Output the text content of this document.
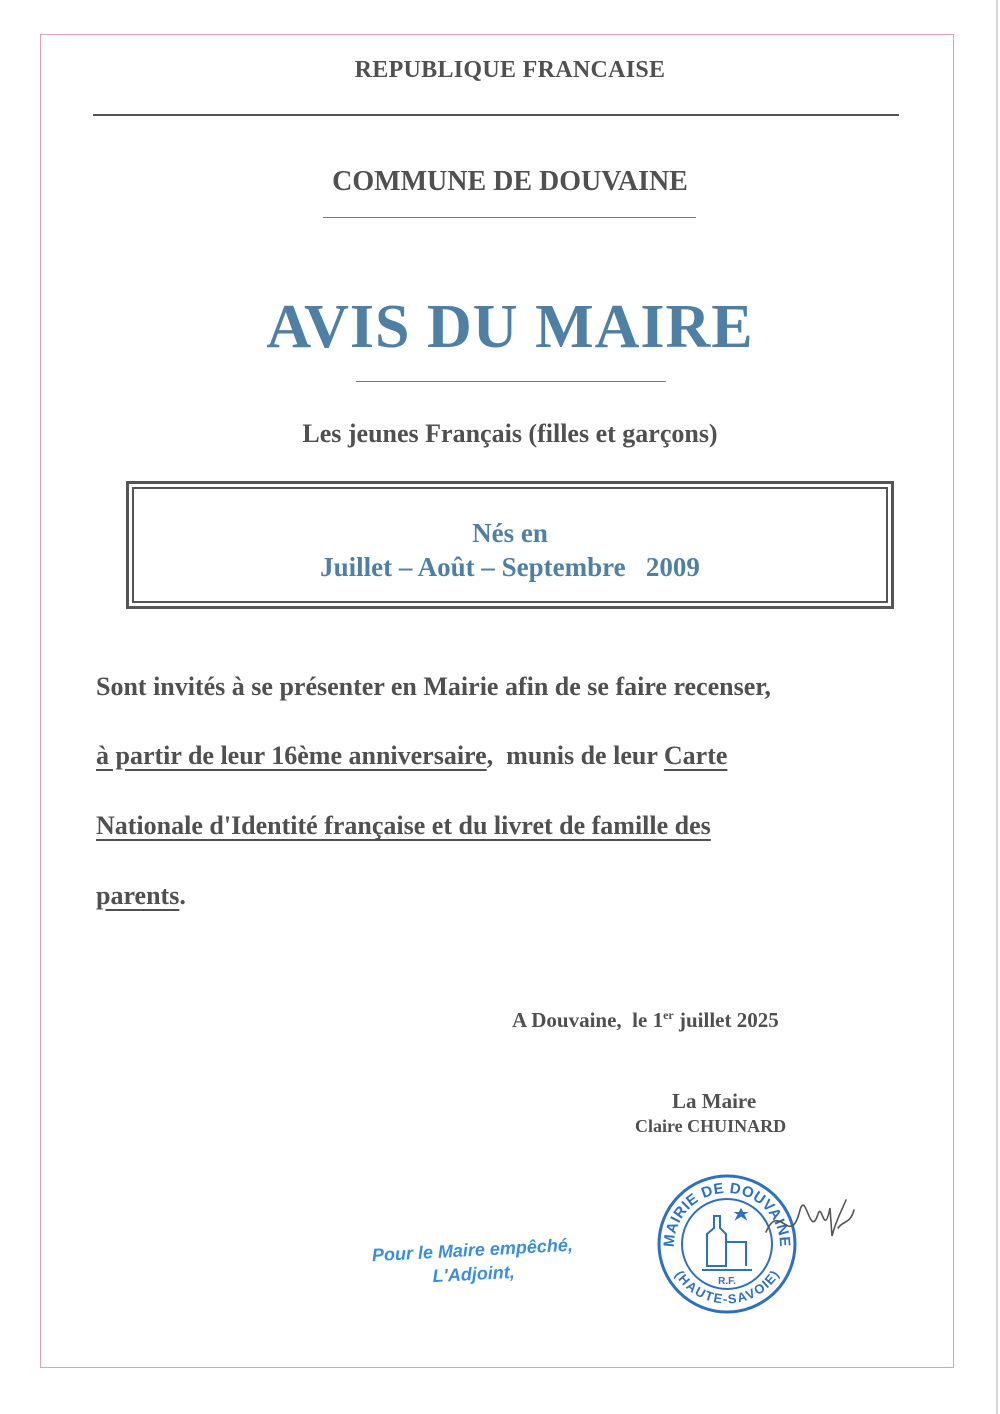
REPUBLIQUE FRANCAISE
COMMUNE DE DOUVAINE
AVIS DU MAIRE
Les jeunes Français (filles et garçons)
Nés en
Juillet – Août – Septembre   2009
Sont invités à se présenter en Mairie afin de se faire recenser,
à partir de leur 16ème anniversaire,  munis de leur Carte
Nationale d'Identité française et du livret de famille des
parents.
A Douvaine,  le 1er juillet 2025
La Maire
Claire CHUINARD
Pour le Maire empêché,
L'Adjoint,
MAIRIE DE DOUVAINE
(HAUTE-SAVOIE)
R.F.
